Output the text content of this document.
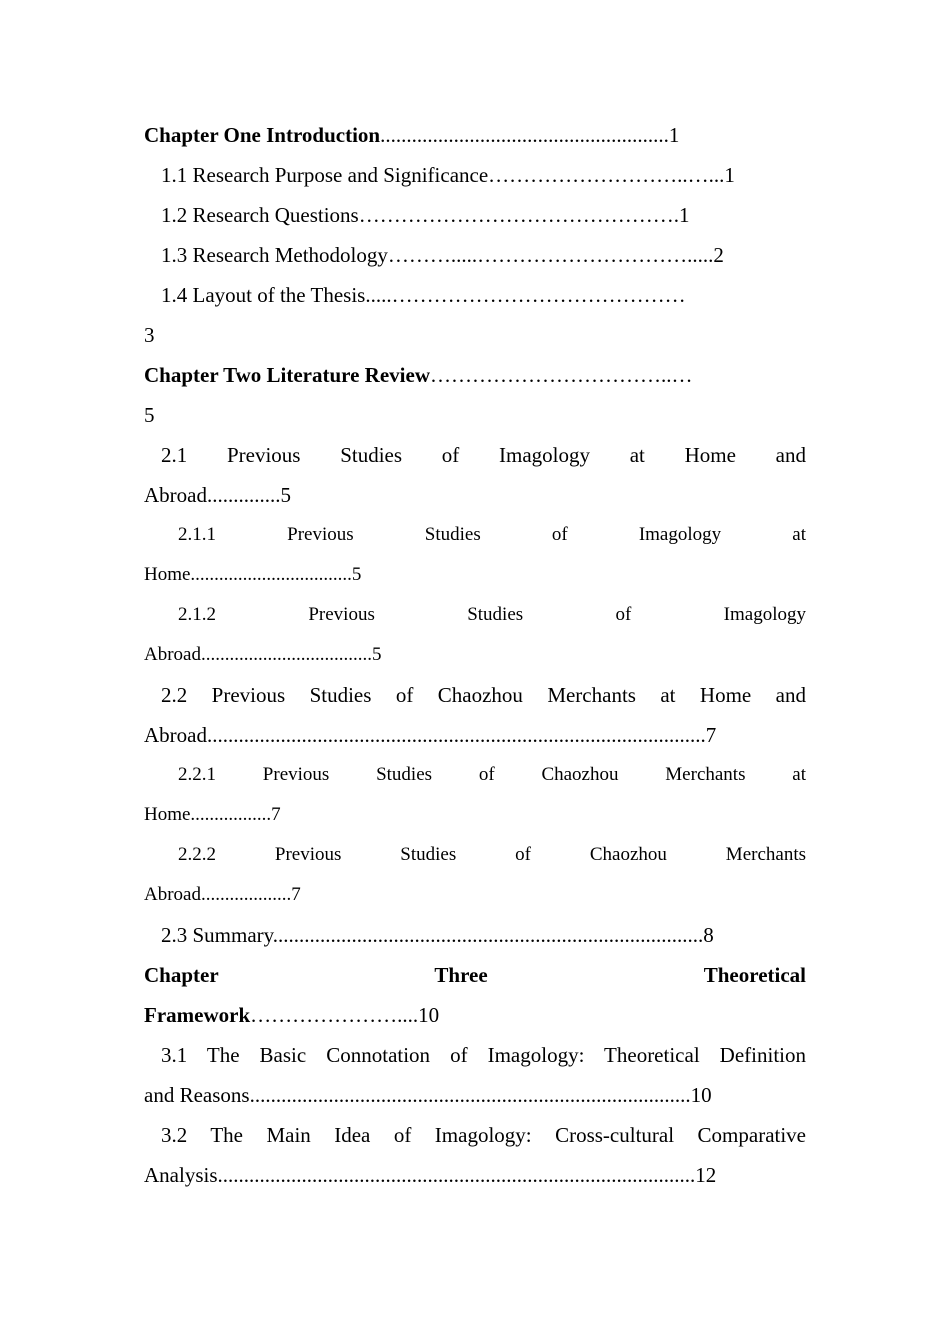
Chapter One Introduction.......................................................1
1.1 Research Purpose and Significance………………………..…...1
1.2 Research Questions……………………………………….1
1.3 Research Methodology……….....………………………….....2
1.4 Layout of the Thesis.....……………………………………
3
Chapter Two Literature Review……………………………..…
5
2.1 Previous Studies of Imagology at Home and
Abroad..............5
2.1.1 Previous Studies of Imagology at
Home..................................5
2.1.2 Previous Studies of Imagology
Abroad....................................5
2.2 Previous Studies of Chaozhou Merchants at Home and
Abroad...............................................................................................7
2.2.1 Previous Studies of Chaozhou Merchants at
Home.................7
2.2.2 Previous Studies of Chaozhou Merchants
Abroad...................7
2.3 Summary..................................................................................8
Chapter Three Theoretical
Framework…………………....10
3.1 The Basic Connotation of Imagology: Theoretical Definition
and Reasons....................................................................................10
3.2 The Main Idea of Imagology: Cross-cultural Comparative
Analysis...........................................................................................12
